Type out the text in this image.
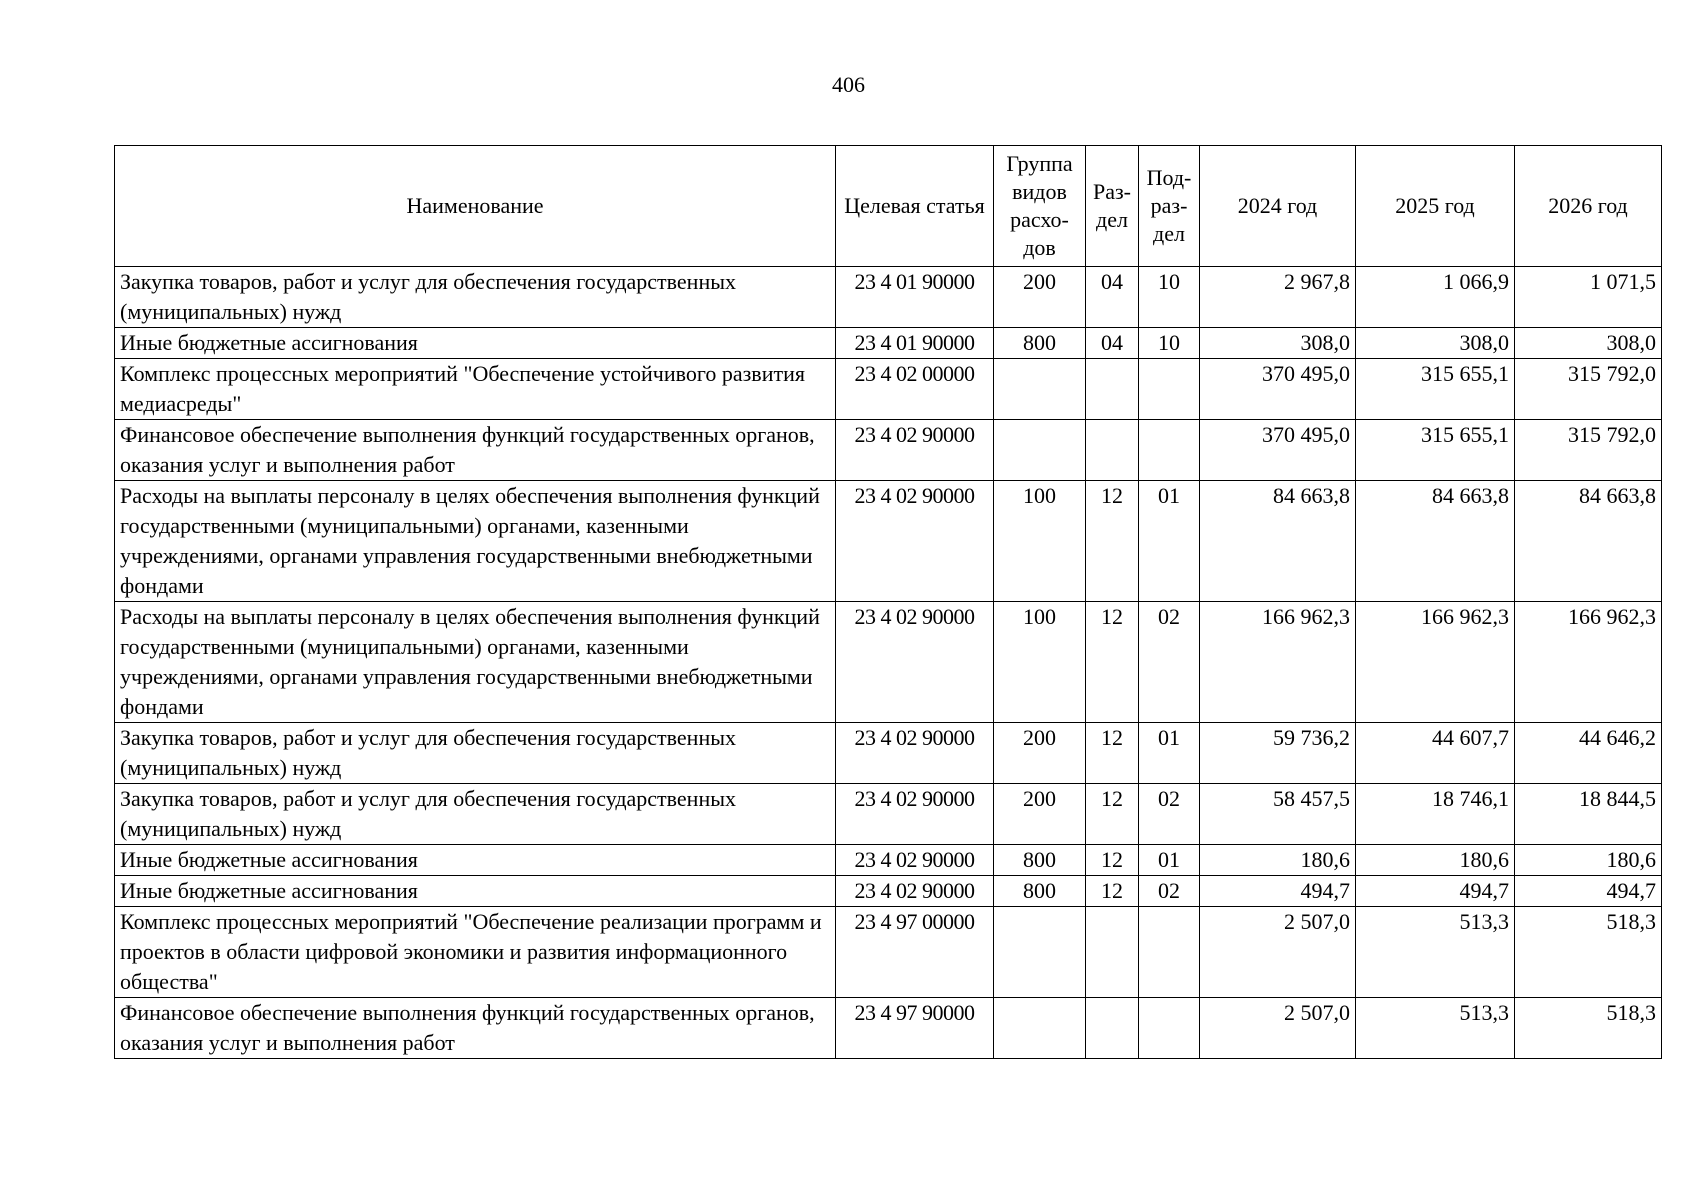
406
Наименование	Целевая статья	Группа видов расхо-дов	Раз-дел	Под-раз-дел	2024 год	2025 год	2026 год
Закупка товаров, работ и услуг для обеспечения государственных (муниципальных) нужд	23 4 01 90000	200	04	10	2 967,8	1 066,9	1 071,5
Иные бюджетные ассигнования	23 4 01 90000	800	04	10	308,0	308,0	308,0
Комплекс процессных мероприятий "Обеспечение устойчивого развития медиасреды"	23 4 02 00000				370 495,0	315 655,1	315 792,0
Финансовое обеспечение выполнения функций государственных органов, оказания услуг и выполнения работ	23 4 02 90000				370 495,0	315 655,1	315 792,0
Расходы на выплаты персоналу в целях обеспечения выполнения функций государственными (муниципальными) органами, казенными учреждениями, органами управления государственными внебюджетными фондами	23 4 02 90000	100	12	01	84 663,8	84 663,8	84 663,8
Расходы на выплаты персоналу в целях обеспечения выполнения функций государственными (муниципальными) органами, казенными учреждениями, органами управления государственными внебюджетными фондами	23 4 02 90000	100	12	02	166 962,3	166 962,3	166 962,3
Закупка товаров, работ и услуг для обеспечения государственных (муниципальных) нужд	23 4 02 90000	200	12	01	59 736,2	44 607,7	44 646,2
Закупка товаров, работ и услуг для обеспечения государственных (муниципальных) нужд	23 4 02 90000	200	12	02	58 457,5	18 746,1	18 844,5
Иные бюджетные ассигнования	23 4 02 90000	800	12	01	180,6	180,6	180,6
Иные бюджетные ассигнования	23 4 02 90000	800	12	02	494,7	494,7	494,7
Комплекс процессных мероприятий "Обеспечение реализации программ и проектов в области цифровой экономики и развития информационного общества"	23 4 97 00000				2 507,0	513,3	518,3
Финансовое обеспечение выполнения функций государственных органов, оказания услуг и выполнения работ	23 4 97 90000				2 507,0	513,3	518,3
